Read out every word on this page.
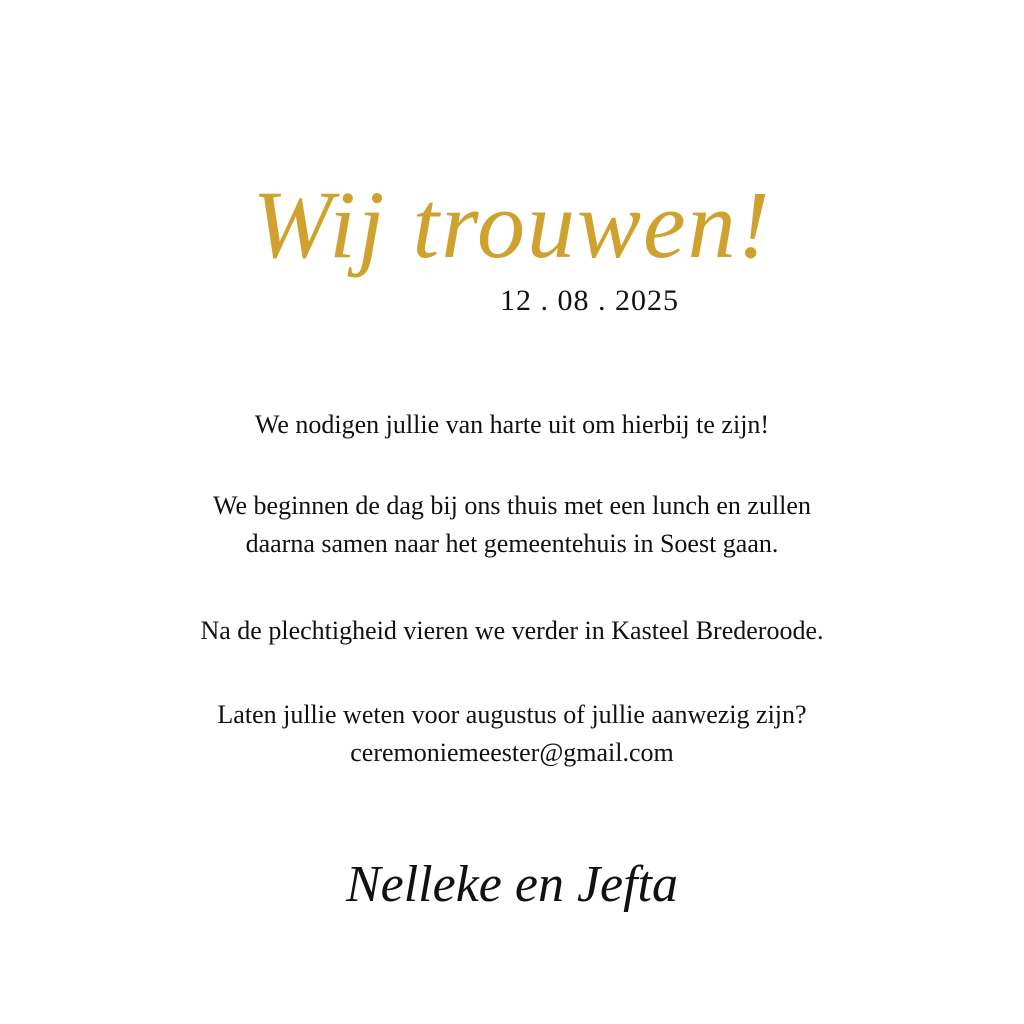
Wij trouwen!
12 . 08 . 2025
We nodigen jullie van harte uit om hierbij te zijn!
We beginnen de dag bij ons thuis met een lunch en zullen
daarna samen naar het gemeentehuis in Soest gaan.
Na de plechtigheid vieren we verder in Kasteel Brederoode.
Laten jullie weten voor augustus of jullie aanwezig zijn?
ceremoniemeester@gmail.com
Nelleke en Jefta
